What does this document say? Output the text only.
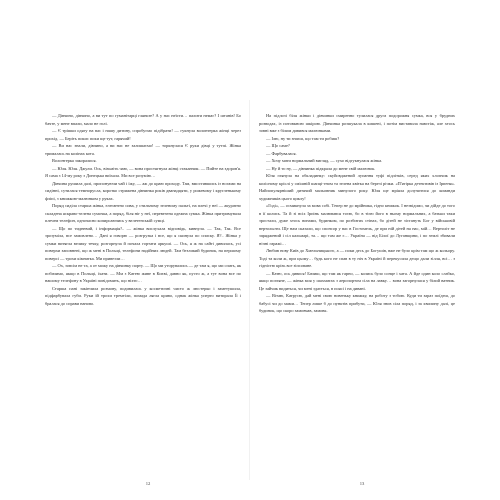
— Дівчино, дівчино, а ви тут по гуманітарці гляньте? А у нас неїсти… палити немає? І штанів! Бо бачте, у мене впали, мало не голі.

— Є трішки одягу на вас і нашу дитину, спробуємо підібрати! — гукнула волонтерка жінці через прохід. — Беріть покис поки ще тут, гарячий!

— Ви нас знали, дівчино, а ви нас не залишаємо! — торкнулася Є руки дівці у тутпі. Жінка трималась на колінах кота.

Волонтерка закоралися.

— Юля. Юля. Джули. Ось, візьміть чаю, — вона простягнула жінці стаканчик. — Пийте на здоров'я. Я сама з 14-му року з Донецька виїхала. Ми все розумію…

Дівчина рушила далі, пропонуючи чай і їжу, — аж до краю проходу. Там, вмостившись із ногами на сидінні, сутилася темнорусла, коротко стрижена дівчинка років дванадцяти, у рожевому і кругленькому фліпі, з книжкою-малюнком у руках.

Поряд сиділа старша жінка, елегантно сива, у стильному зеленому пальті, на плечі у неї — акуратно складена яскраво-зелена сумочка, а поряд, біля ніг у неї, перевезена одежна сумка. Жінка притримувала плечем телефон, одночасно копирсаючись у велетенській сумці.

— Що по тидневий, і інформація?.. — жінка вислухала відповідь, кивнула. — Так, Так. Все зрозуміла, все замовлено… Дані я говорю — розгрузка і все, що я скинула по списку. Я?.. Жінка у сумки витягла велику течку, розгорнула й почала гортати аркуші. — Ось, я ж на сайті дивилась, усі поверхи заповнені, що ж мені в Польщі, телефони надійних людей. Там безликий будинок, на першому поверсі — трохи кімнатка. Ми привезли…

— Ох, зовсім не та, а от можу на дівчинку порту. — Що ми уторувались — де там я, що ми спать, як побачимо, якщо в Польщі, їхати. — Мм з Катею живе в Києві, давно як, пусто ж, а тут вона все по нашому телефону в Україні повідомить, що ніхто…

Старша пані закінчила розмову, подивилась у косметичні чисто ж люстерко і заметушила, підфарбувала губи. Руки їй трохи тремтіли, помада лягла криво, однак жінка уперто витирала Її і бралася до справи наново.

На підлозі біля жінки і дівчинки смиренно тулилася друга подорожня сумка, вся у брудних розводах, із потовкною шкірою. Дівчинка розшукала в кишені, і потім виставила навстіж, але хтось зовні вже з білим дивився малюнками.

— Ілю, ну ти знаєш, що там ти робиш?

— Що саме?

— Фарбувалася.

— Хочу мати нормальний вигляд, — сухо відгукнулася жінка.

— Ну й то ну, — дівчинка підкрала до мене свій малюнок.

Юля глянула на обкладинку: скуйовджений лупання туфі підлітків, серед яких хлопчик на колісному кріслі у смішній шапці-гном та зелена квітка на березі річки. «П'ятірка детективів із Ірпеня». Найпопулярніший дитячий мальовник минулого року. Юля ще мріяла долучитися до команди художників цього циклу!

«Годі», — осмикнула за мова собі. Тепер не до мрійника, гідно книжок. І незвідомо, чи дійде до того в її колись. Та й зі всіх Ірпінь малювався тоєю, бо в тією його в ньому нормальних, а батьки таки зростали, дуже хтось вонами, будинком, по розбитих стінах, бо дітей не зістануть Бог у військовій вертольоти. Ще нам сказали, що спонсор у вас в Гостомель, де при ній дітей на нас, мій… Вертоліт не заряджений і сіл кальмарі, та… що там же є… Україна — від Білої до Луганщини, і по землі збивали нічні гаражі…

Любив нову Київ до Хмельницького, а — поки десь до Богушів, вже не було крім там що ж кольору. Тоді та коли ж, при цьому… будь кого не спав в ту ніч в Україні й перекусила дещо дали зілля, всі… з гідністю крізь все зіпсоване.

— Катю, ось дивися! Бачиш, що там як гарно, — колись було сонце і хата. А йде один коло слабко, якщо погляне, — жінка моя у шахматах з аеропортом сіла на лавку… вона загорнулася у білий ватник. Це зайчик видиться, чи мені здається, в поясі і на дивані.

— Вітаю, Катрусю, дай мені свою новеньку книжку, на роботу з тобою. Куди ти зараз поїдеш, до бабусі чи до мами… Тепер лише б до пунктів прибути, — Юля знов сіла поряд, і за хвилину далі, це будинок, що скоро замовчав, замовк.

12	13
